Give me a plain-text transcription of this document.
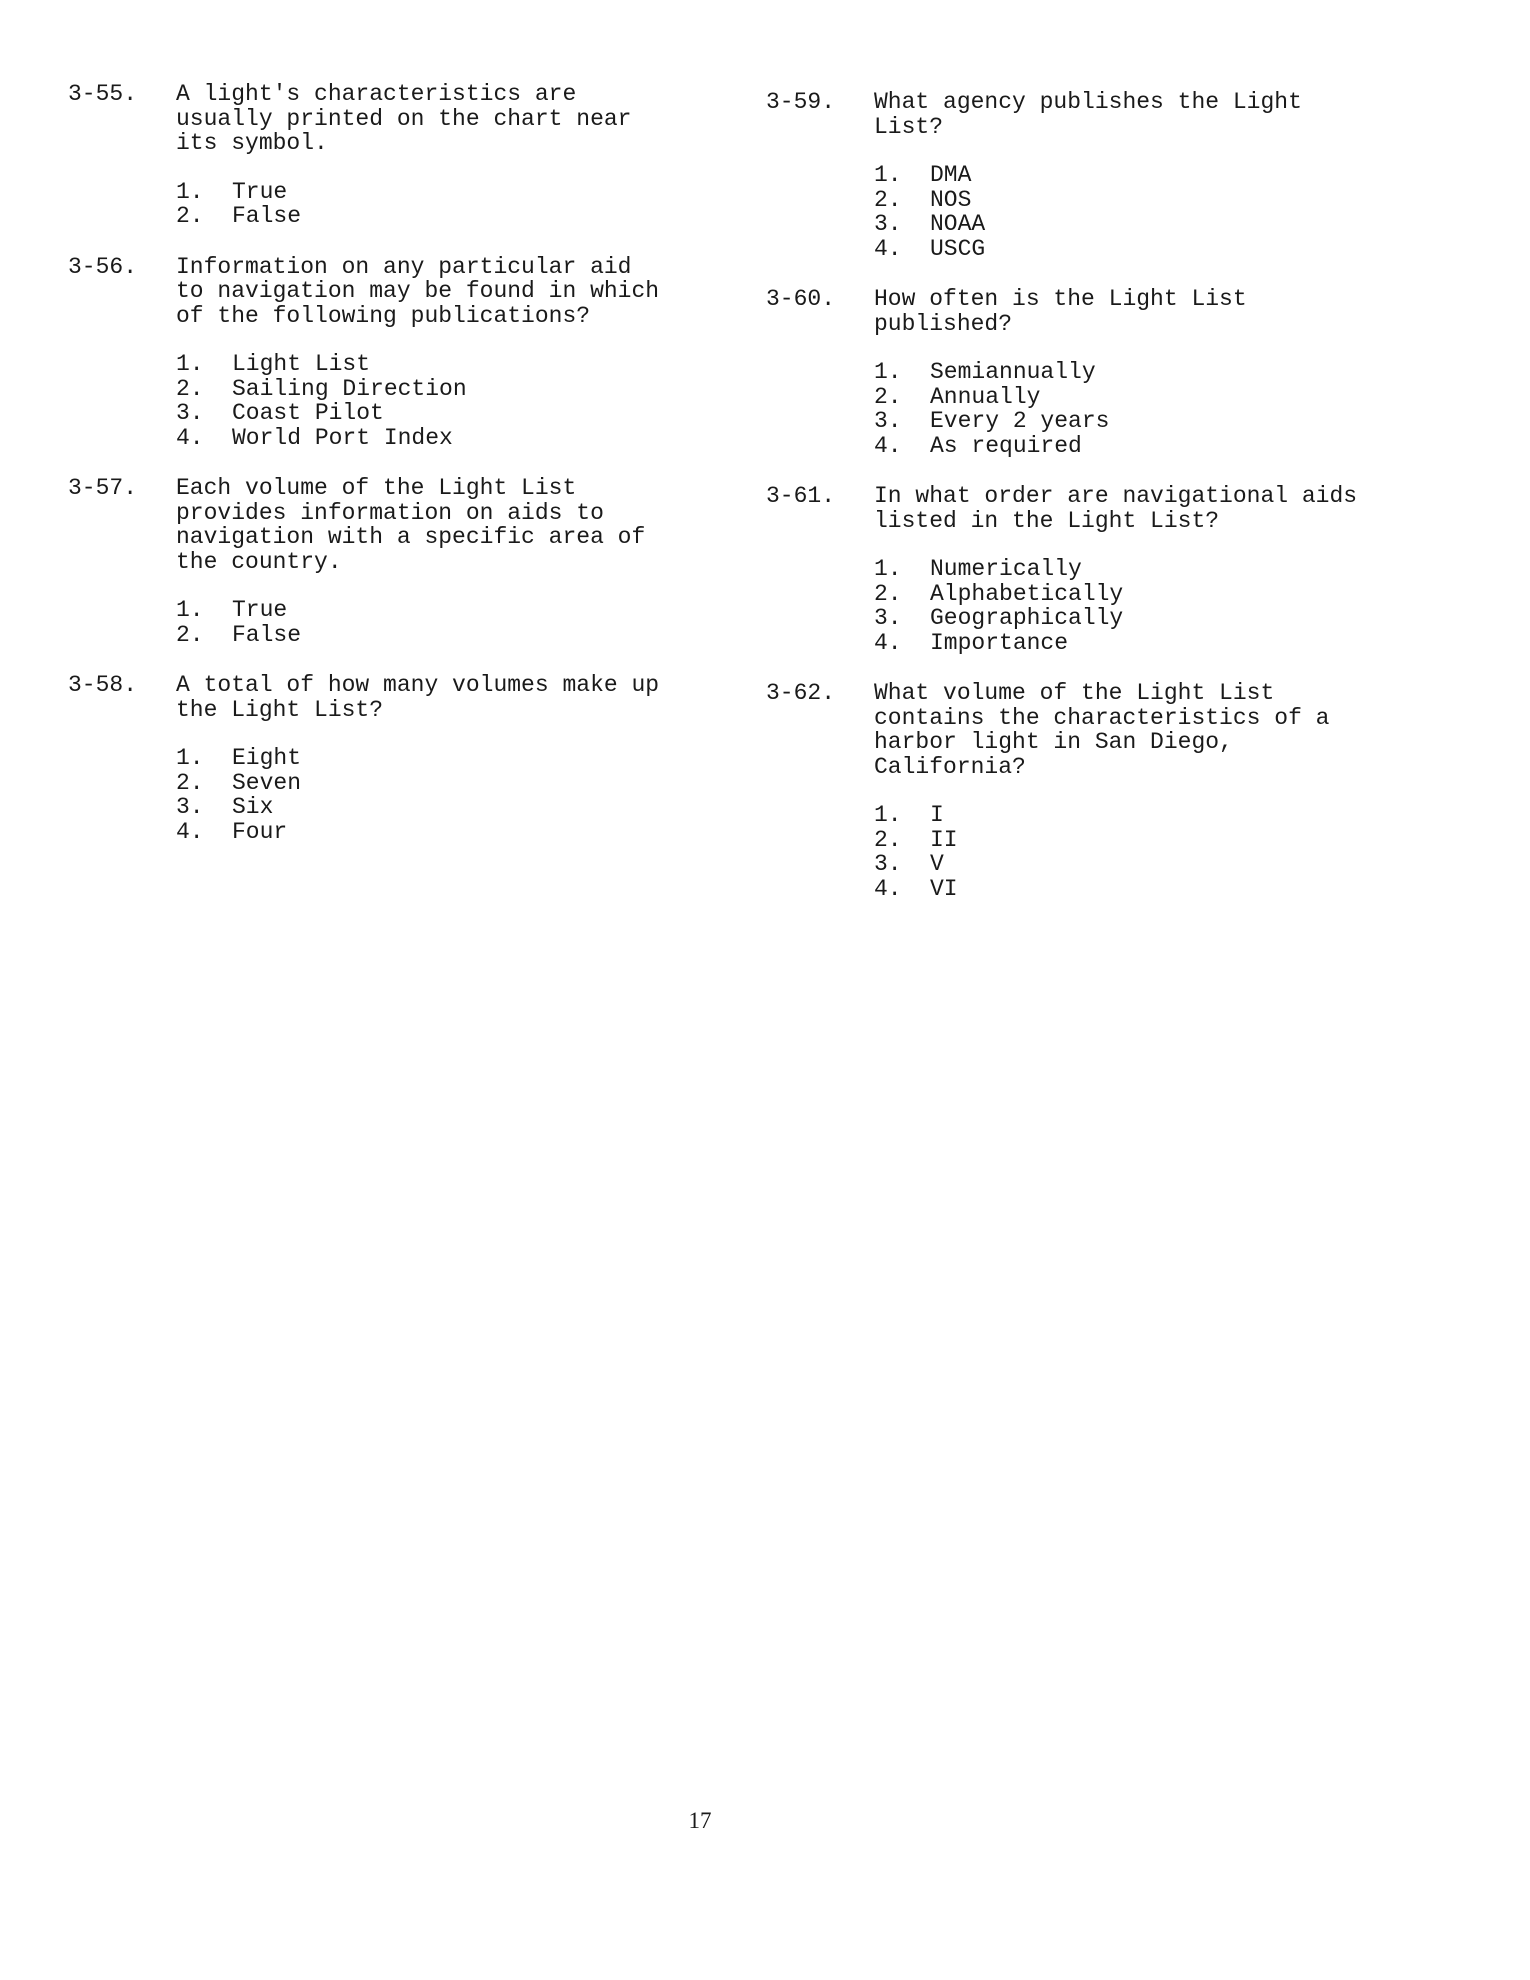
3-55.	A light's characteristics are
usually printed on the chart near
its symbol.
1.	True
2.	False
3-56.	Information on any particular aid
to navigation may be found in which
of the following publications?
1.	Light List
2.	Sailing Direction
3.	Coast Pilot
4.	World Port Index
3-57.	Each volume of the Light List
provides information on aids to
navigation with a specific area of
the country.
1.	True
2.	False
3-58.	A total of how many volumes make up
the Light List?
1.	Eight
2.	Seven
3.	Six
4.	Four
3-59.	What agency publishes the Light
List?
1.	DMA
2.	NOS
3.	NOAA
4.	USCG
3-60.	How often is the Light List
published?
1.	Semiannually
2.	Annually
3.	Every 2 years
4.	As required
3-61.	In what order are navigational aids
listed in the Light List?
1.	Numerically
2.	Alphabetically
3.	Geographically
4.	Importance
3-62.	What volume of the Light List
contains the characteristics of a
harbor light in San Diego,
California?
1.	I
2.	II
3.	V
4.	VI
17
